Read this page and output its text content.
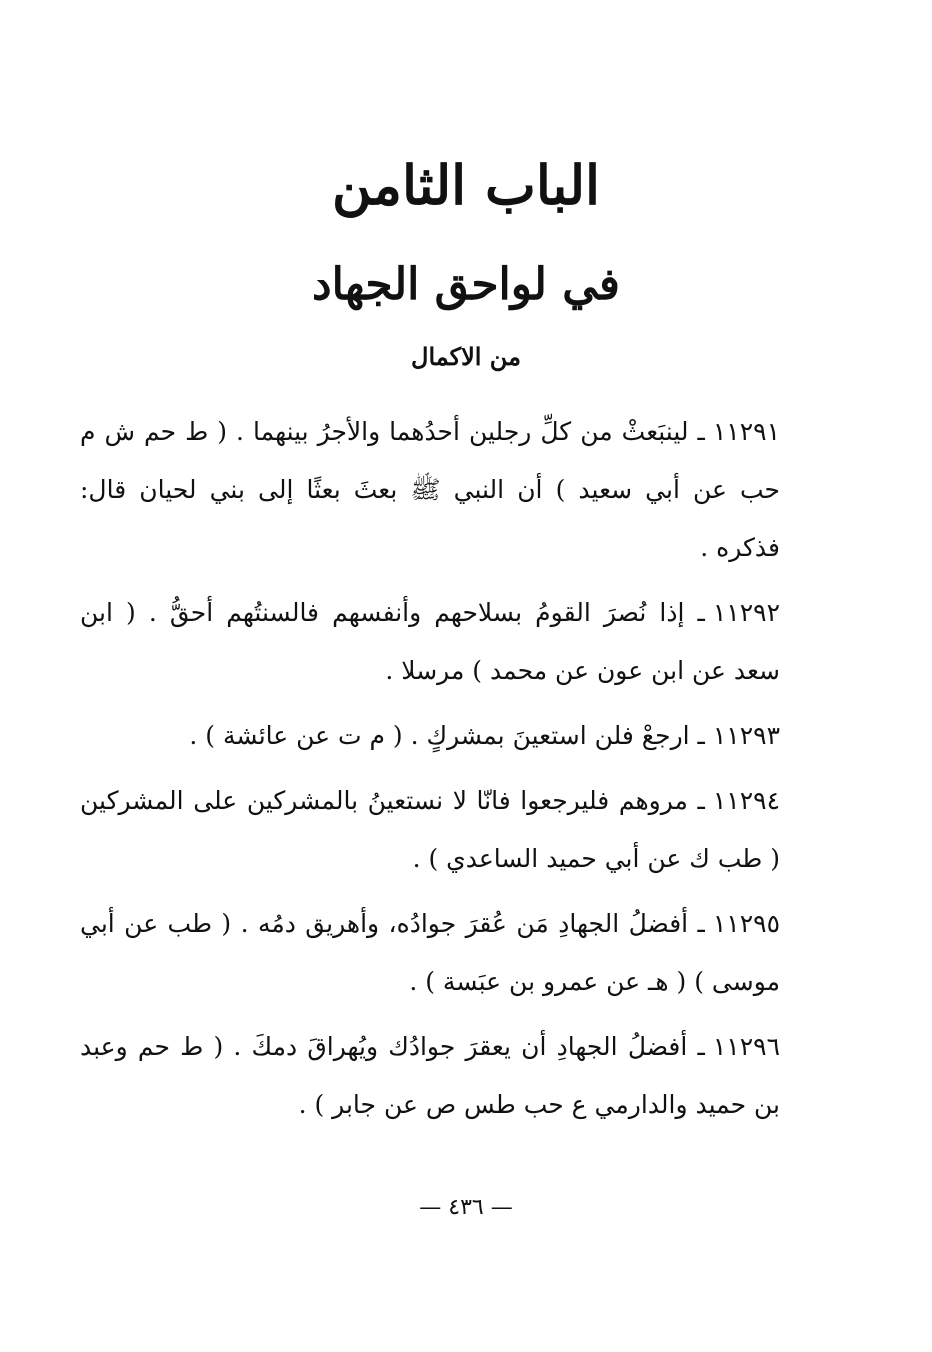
الباب الثامن
في لواحق الجهاد
من الاكمال

١١٢٩١ـ لينبَعثْ من كلِّ رجلين أحدُهما والأجرُ بينهما . ( ط حم ش م حب عن أبي سعيد ) أن النبي ﷺ بعثَ بعثًا إلى بني لحيان قال: فذكره .

١١٢٩٢ـ إذا نُصرَ القومُ بسلاحهم وأنفسهم فالسنتُهم أحقُّ . ( ابن سعد عن ابن عون عن محمد ) مرسلا .

١١٢٩٣ـ ارجعْ فلن استعينَ بمشركٍ . ( م ت عن عائشة ) .

١١٢٩٤ـ مروهم فليرجعوا فانّا لا نستعينُ بالمشركين على المشركين ( طب ك عن أبي حميد الساعدي ) .

١١٢٩٥ـ أفضلُ الجهادِ مَن عُقرَ جوادُه، وأهريق دمُه . ( طب عن أبي موسى ) ( هـ عن عمرو بن عبَسة ) .

١١٢٩٦ـ أفضلُ الجهادِ أن يعقرَ جوادُك ويُهراقَ دمكَ . ( ط حم وعبد بن حميد والدارمي ع حب طس ص عن جابر ) .

— ٤٣٦ —
